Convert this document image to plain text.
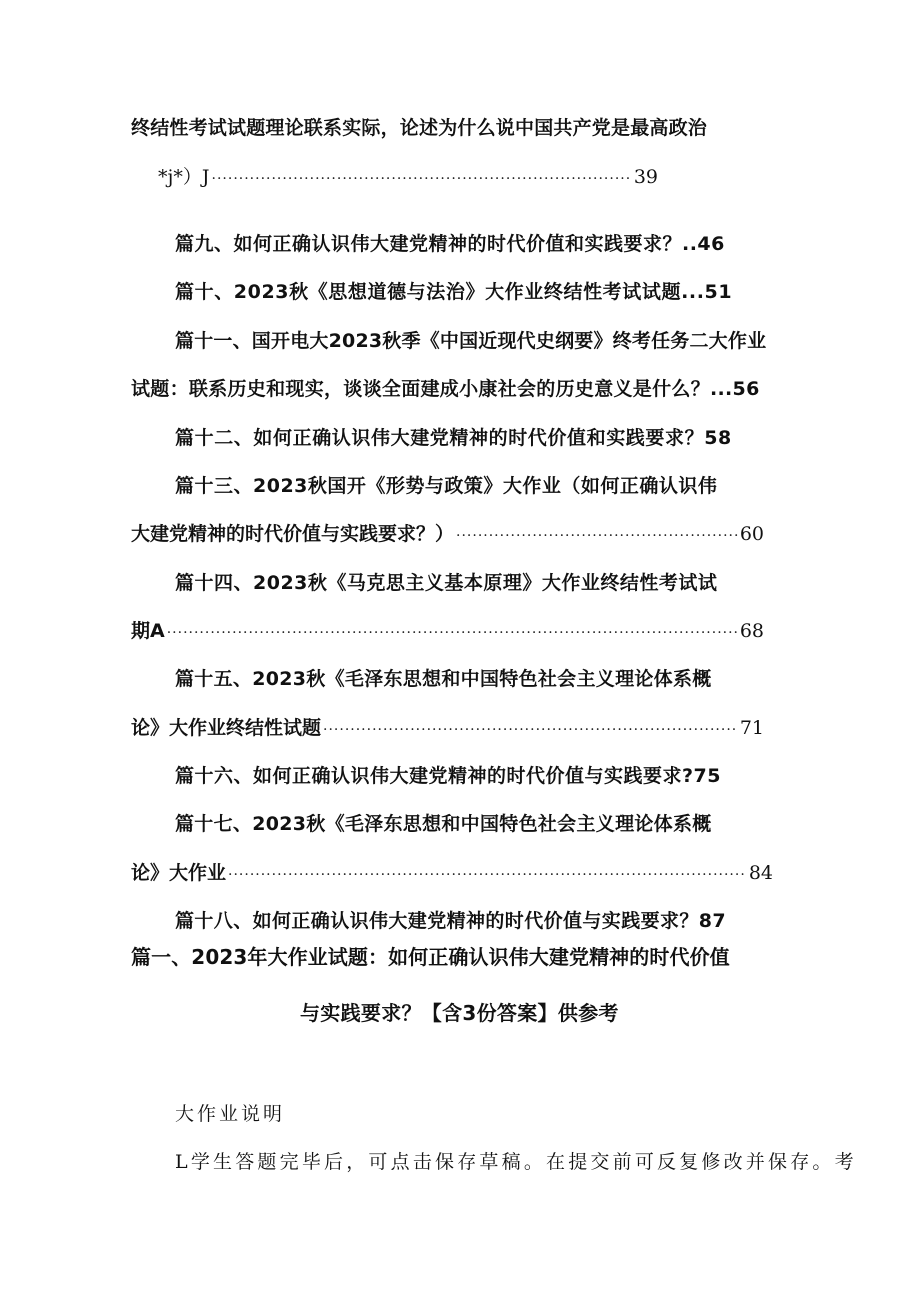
终结性考试试题理论联系实际，论述为什么说中国共产党是最高政治
*j*）J ·····	39
篇九、如何正确认识伟大建党精神的时代价值和实践要求？..46
篇十、2023秋《思想道德与法治》大作业终结性考试试题...51
篇十一、国开电大2023秋季《中国近现代史纲要》终考任务二大作业
试题：联系历史和现实，谈谈全面建成小康社会的历史意义是什么？...56
篇十二、如何正确认识伟大建党精神的时代价值和实践要求？58
篇十三、2023秋国开《形势与政策》大作业（如何正确认识伟
大建党精神的时代价值与实践要求？） ·····	60
篇十四、2023秋《马克思主义基本原理》大作业终结性考试试
期A ·····	68
篇十五、2023秋《毛泽东思想和中国特色社会主义理论体系概
论》大作业终结性试题 ·····	71
篇十六、如何正确认识伟大建党精神的时代价值与实践要求?75
篇十七、2023秋《毛泽东思想和中国特色社会主义理论体系概
论》大作业 ·····	84
篇十八、如何正确认识伟大建党精神的时代价值与实践要求？87
篇一、2023年大作业试题：如何正确认识伟大建党精神的时代价值
与实践要求？【含3份答案】供参考
大作业说明
L学生答题完毕后，可点击保存草稿。在提交前可反复修改并保存。考
